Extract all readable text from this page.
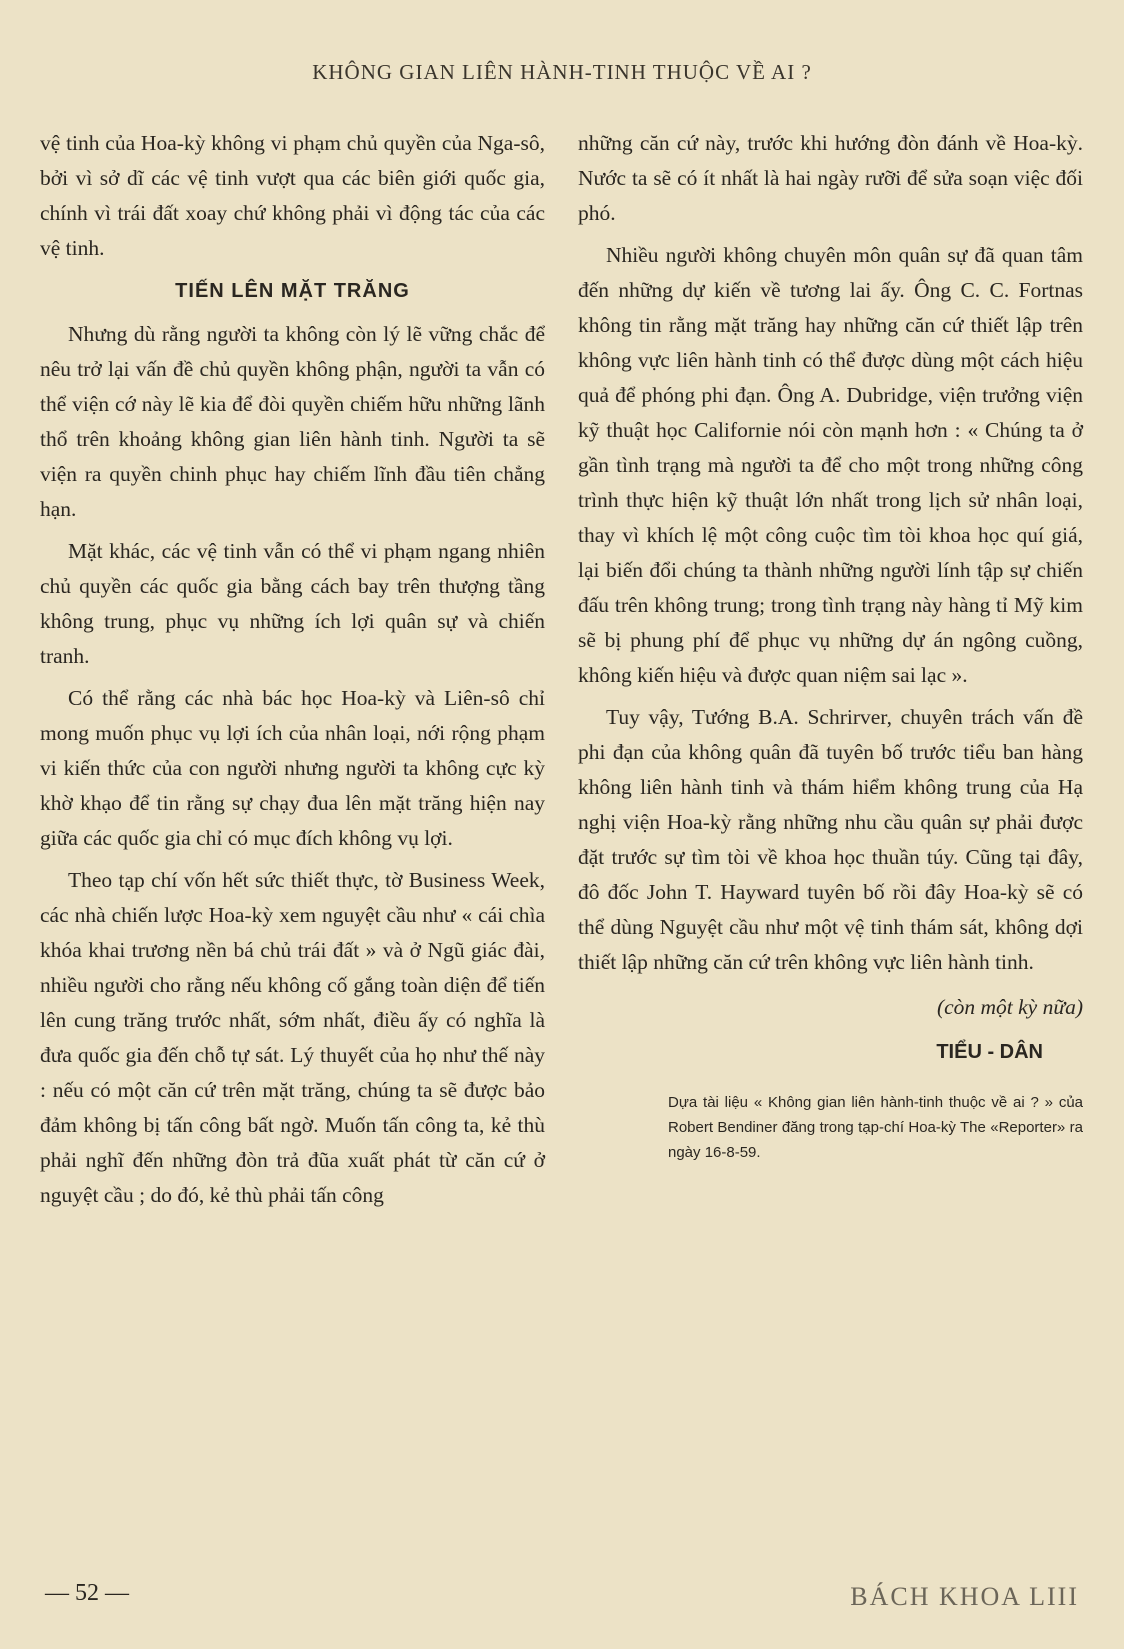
KHÔNG GIAN LIÊN HÀNH-TINH THUỘC VỀ AI ?

vệ tinh của Hoa-kỳ không vi phạm chủ quyền của Nga-sô, bởi vì sở dĩ các vệ tinh vượt qua các biên giới quốc gia, chính vì trái đất xoay chứ không phải vì động tác của các vệ tinh.

TIẾN LÊN MẶT TRĂNG

Nhưng dù rằng người ta không còn lý lẽ vững chắc để nêu trở lại vấn đề chủ quyền không phận, người ta vẫn có thể viện cớ này lẽ kia để đòi quyền chiếm hữu những lãnh thổ trên khoảng không gian liên hành tinh. Người ta sẽ viện ra quyền chinh phục hay chiếm lĩnh đầu tiên chẳng hạn.

Mặt khác, các vệ tinh vẫn có thể vi phạm ngang nhiên chủ quyền các quốc gia bằng cách bay trên thượng tầng không trung, phục vụ những ích lợi quân sự và chiến tranh.

Có thể rằng các nhà bác học Hoa-kỳ và Liên-sô chỉ mong muốn phục vụ lợi ích của nhân loại, nới rộng phạm vi kiến thức của con người nhưng người ta không cực kỳ khờ khạo để tin rằng sự chạy đua lên mặt trăng hiện nay giữa các quốc gia chỉ có mục đích không vụ lợi.

Theo tạp chí vốn hết sức thiết thực, tờ Business Week, các nhà chiến lược Hoa-kỳ xem nguyệt cầu như « cái chìa khóa khai trương nền bá chủ trái đất » và ở Ngũ giác đài, nhiều người cho rằng nếu không cố gắng toàn diện để tiến lên cung trăng trước nhất, sớm nhất, điều ấy có nghĩa là đưa quốc gia đến chỗ tự sát. Lý thuyết của họ như thế này : nếu có một căn cứ trên mặt trăng, chúng ta sẽ được bảo đảm không bị tấn công bất ngờ. Muốn tấn công ta, kẻ thù phải nghĩ đến những đòn trả đũa xuất phát từ căn cứ ở nguyệt cầu ; do đó, kẻ thù phải tấn công

những căn cứ này, trước khi hướng đòn đánh về Hoa-kỳ. Nước ta sẽ có ít nhất là hai ngày rưỡi để sửa soạn việc đối phó.

Nhiều người không chuyên môn quân sự đã quan tâm đến những dự kiến về tương lai ấy. Ông C. C. Fortnas không tin rằng mặt trăng hay những căn cứ thiết lập trên không vực liên hành tinh có thể được dùng một cách hiệu quả để phóng phi đạn. Ông A. Dubridge, viện trưởng viện kỹ thuật học Californie nói còn mạnh hơn : « Chúng ta ở gần tình trạng mà người ta để cho một trong những công trình thực hiện kỹ thuật lớn nhất trong lịch sử nhân loại, thay vì khích lệ một công cuộc tìm tòi khoa học quí giá, lại biến đổi chúng ta thành những người lính tập sự chiến đấu trên không trung; trong tình trạng này hàng tỉ Mỹ kim sẽ bị phung phí để phục vụ những dự án ngông cuồng, không kiến hiệu và được quan niệm sai lạc ».

Tuy vậy, Tướng B.A. Schrirver, chuyên trách vấn đề phi đạn của không quân đã tuyên bố trước tiểu ban hàng không liên hành tinh và thám hiểm không trung của Hạ nghị viện Hoa-kỳ rằng những nhu cầu quân sự phải được đặt trước sự tìm tòi về khoa học thuần túy. Cũng tại đây, đô đốc John T. Hayward tuyên bố rồi đây Hoa-kỳ sẽ có thể dùng Nguyệt cầu như một vệ tinh thám sát, không dợi thiết lập những căn cứ trên không vực liên hành tinh.

(còn một kỳ nữa)
TIỂU - DÂN
Dựa tài liệu « Không gian liên hành-tinh thuộc về ai ? » của Robert Bendiner đăng trong tạp-chí Hoa-kỳ The «Reporter» ra ngày 16-8-59.
— 52 —	BÁCH KHOA LIII
